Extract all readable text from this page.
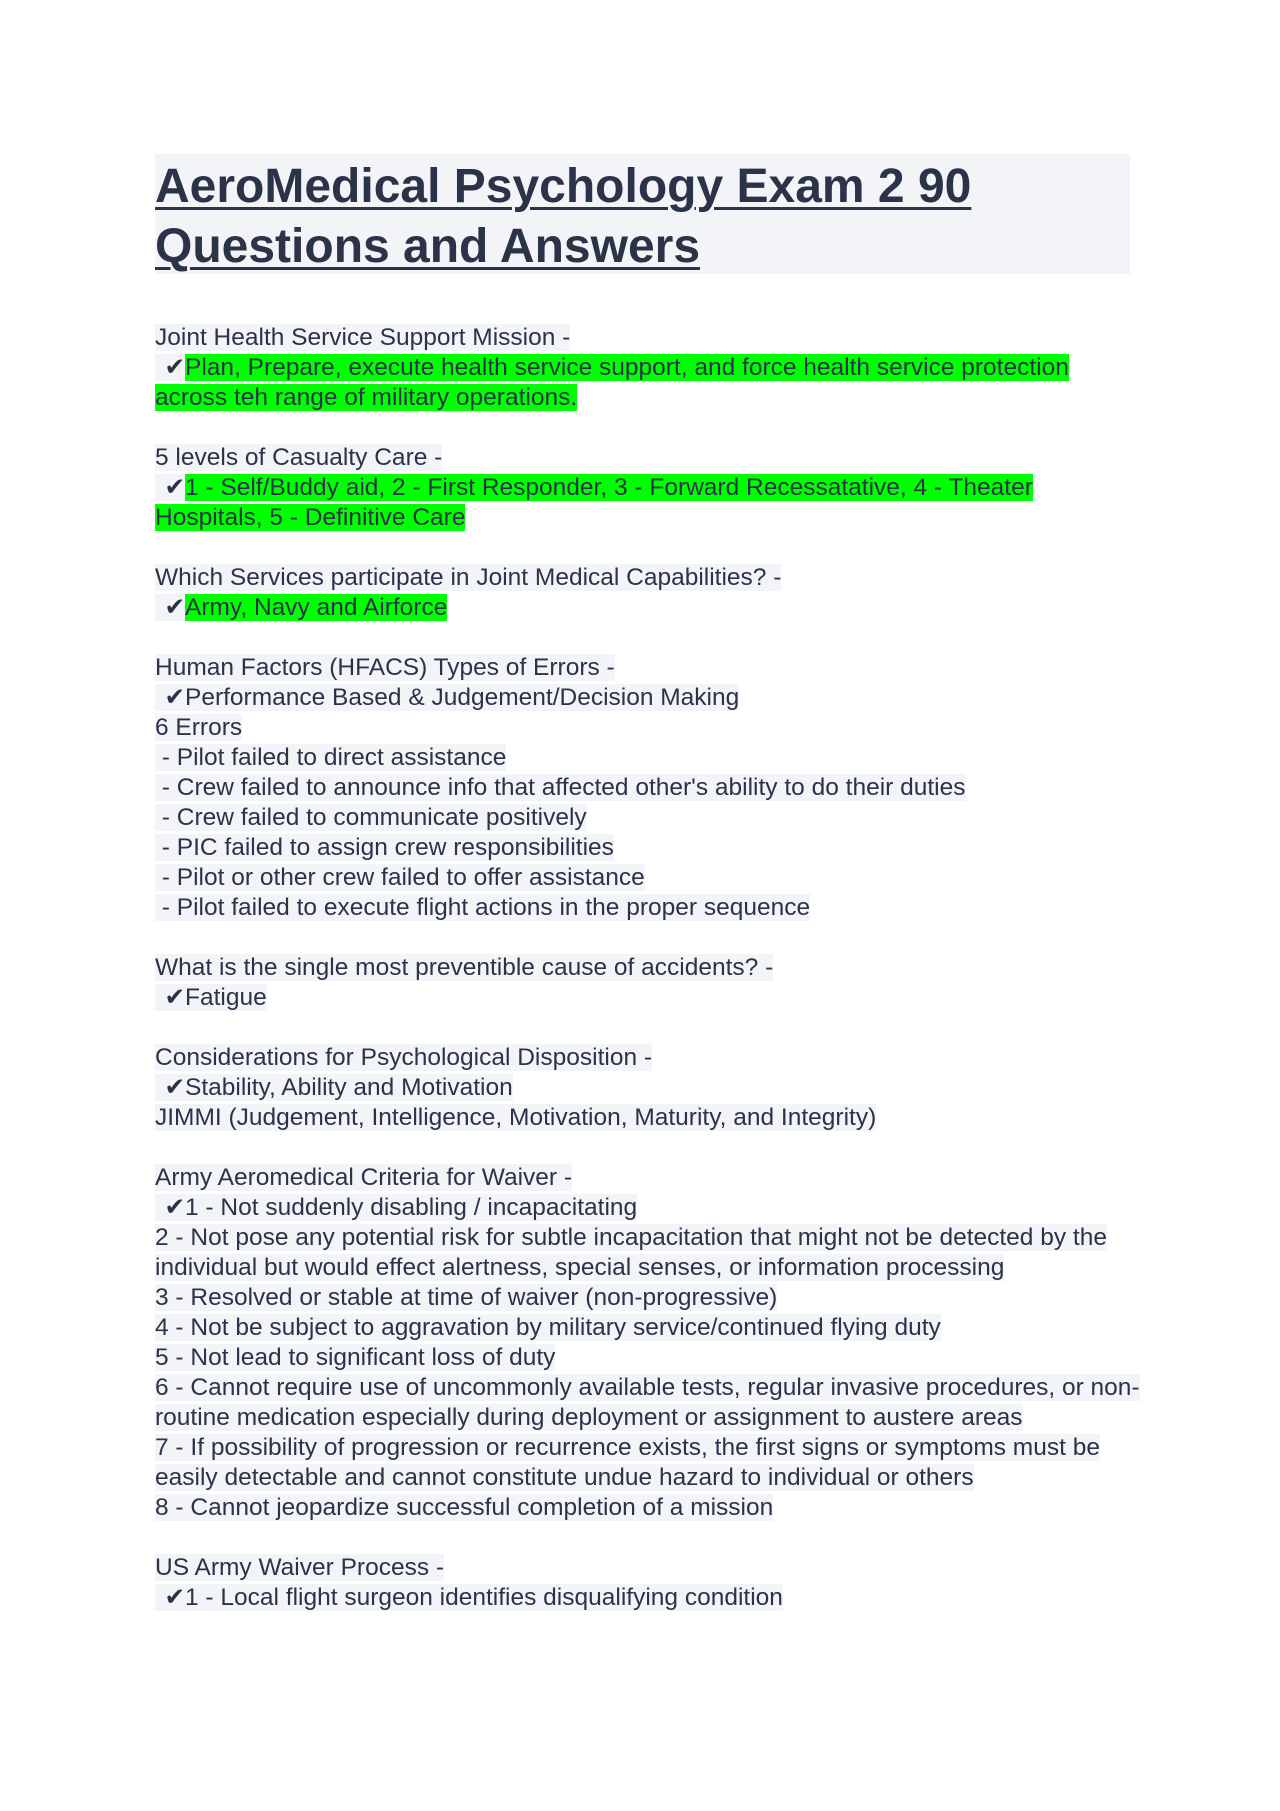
AeroMedical Psychology Exam 2 90 Questions and Answers
Joint Health Service Support Mission -
✔Plan, Prepare, execute health service support, and force health service protection across teh range of military operations.
5 levels of Casualty Care -
✔1 - Self/Buddy aid, 2 - First Responder, 3 - Forward Recessatative, 4 - Theater Hospitals, 5 - Definitive Care
Which Services participate in Joint Medical Capabilities? -
✔Army, Navy and Airforce
Human Factors (HFACS) Types of Errors -
✔Performance Based & Judgement/Decision Making
6 Errors
- Pilot failed to direct assistance
- Crew failed to announce info that affected other's ability to do their duties
- Crew failed to communicate positively
- PIC failed to assign crew responsibilities
- Pilot or other crew failed to offer assistance
- Pilot failed to execute flight actions in the proper sequence
What is the single most preventible cause of accidents? -
✔Fatigue
Considerations for Psychological Disposition -
✔Stability, Ability and Motivation
JIMMI (Judgement, Intelligence, Motivation, Maturity, and Integrity)
Army Aeromedical Criteria for Waiver -
✔1 - Not suddenly disabling / incapacitating
2 - Not pose any potential risk for subtle incapacitation that might not be detected by the individual but would effect alertness, special senses, or information processing
3 - Resolved or stable at time of waiver (non-progressive)
4 - Not be subject to aggravation by military service/continued flying duty
5 - Not lead to significant loss of duty
6 - Cannot require use of uncommonly available tests, regular invasive procedures, or non-routine medication especially during deployment or assignment to austere areas
7 - If possibility of progression or recurrence exists, the first signs or symptoms must be easily detectable and cannot constitute undue hazard to individual or others
8 - Cannot jeopardize successful completion of a mission
US Army Waiver Process -
✔1 - Local flight surgeon identifies disqualifying condition
